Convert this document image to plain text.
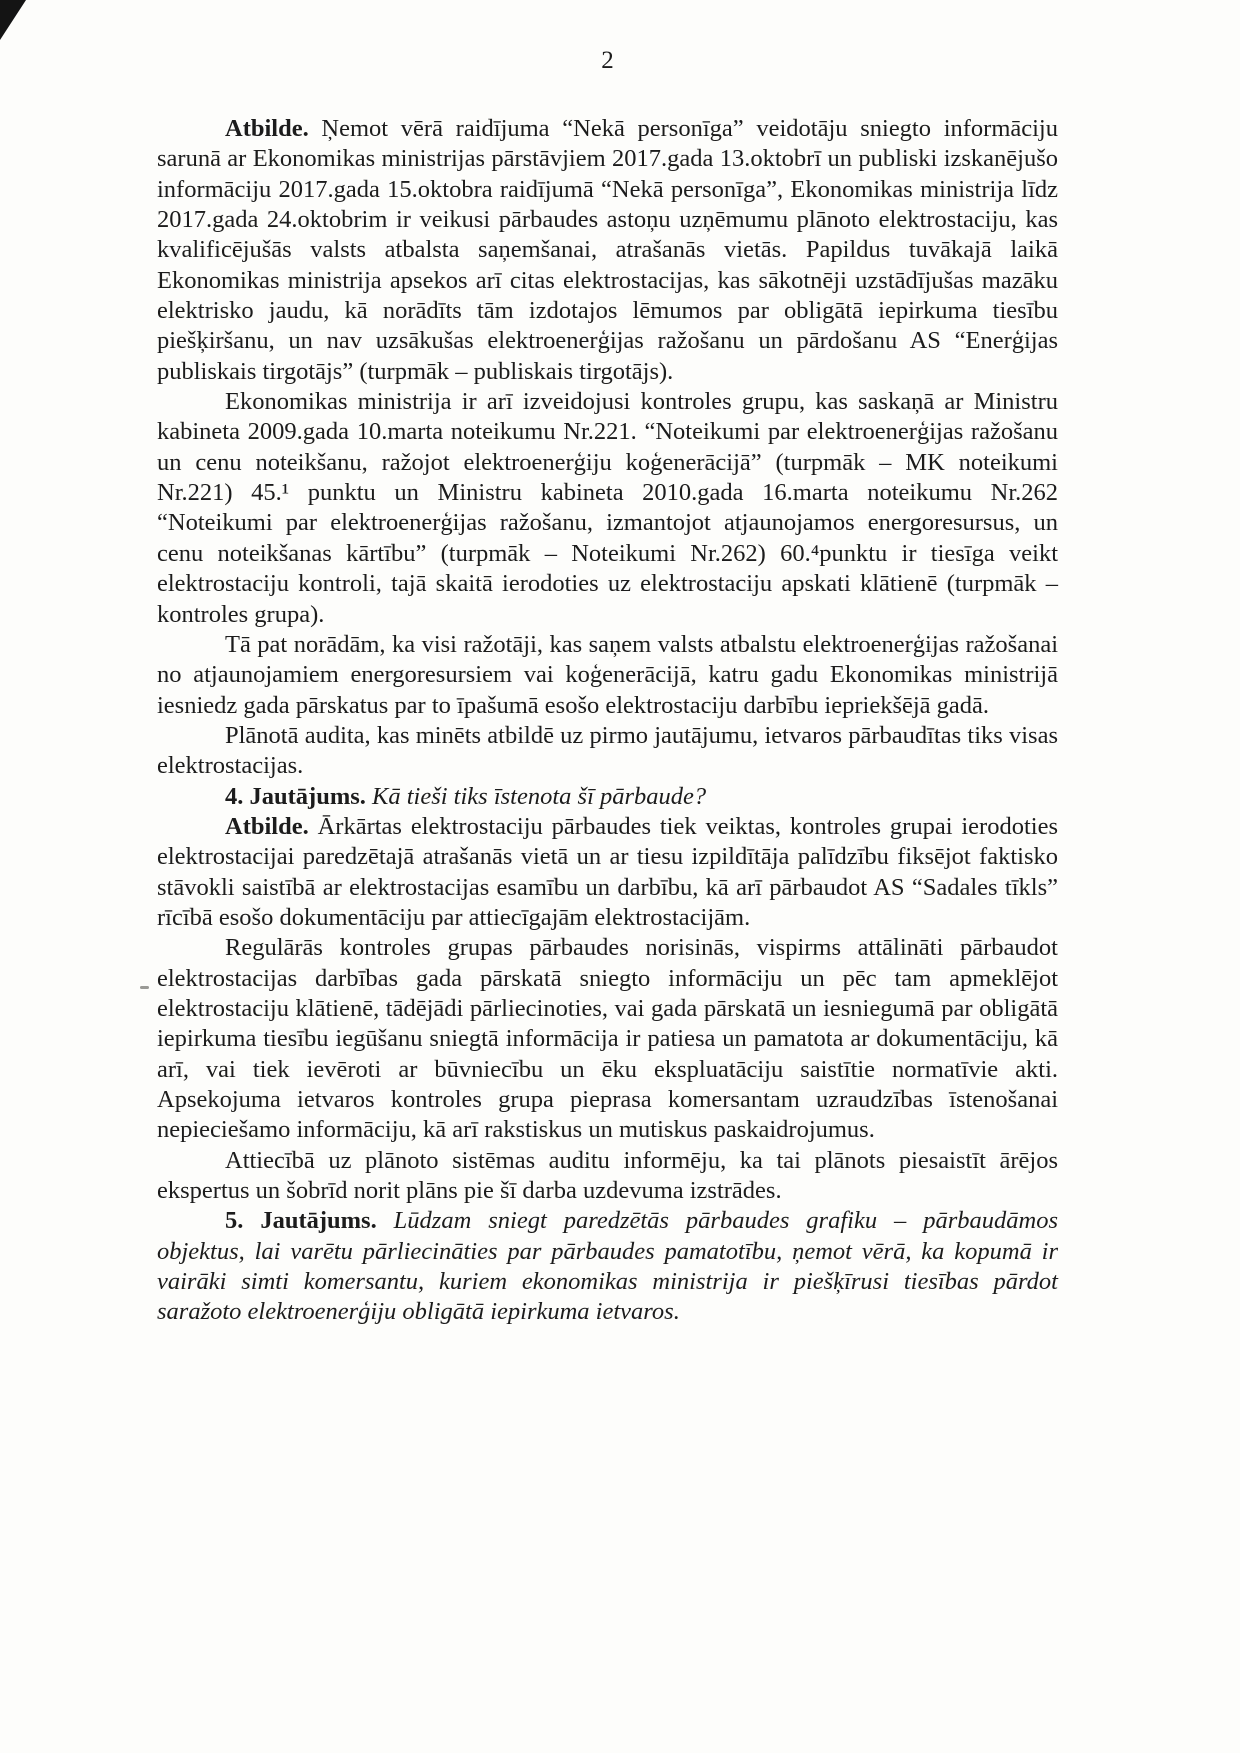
2

Atbilde. Ņemot vērā raidījuma “Nekā personīga” veidotāju sniegto informāciju sarunā ar Ekonomikas ministrijas pārstāvjiem 2017.gada 13.oktobrī un publiski izskanējušo informāciju 2017.gada 15.oktobra raidījumā “Nekā personīga”, Ekonomikas ministrija līdz 2017.gada 24.oktobrim ir veikusi pārbaudes astoņu uzņēmumu plānoto elektrostaciju, kas kvalificējušās valsts atbalsta saņemšanai, atrašanās vietās. Papildus tuvākajā laikā Ekonomikas ministrija apsekos arī citas elektrostacijas, kas sākotnēji uzstādījušas mazāku elektrisko jaudu, kā norādīts tām izdotajos lēmumos par obligātā iepirkuma tiesību piešķiršanu, un nav uzsākušas elektroenerģijas ražošanu un pārdošanu AS “Enerģijas publiskais tirgotājs” (turpmāk – publiskais tirgotājs).

Ekonomikas ministrija ir arī izveidojusi kontroles grupu, kas saskaņā ar Ministru kabineta 2009.gada 10.marta noteikumu Nr.221. “Noteikumi par elektroenerģijas ražošanu un cenu noteikšanu, ražojot elektroenerģiju koģenerācijā” (turpmāk – MK noteikumi Nr.221) 45.¹ punktu un Ministru kabineta 2010.gada 16.marta noteikumu Nr.262 “Noteikumi par elektroenerģijas ražošanu, izmantojot atjaunojamos energoresursus, un cenu noteikšanas kārtību” (turpmāk – Noteikumi Nr.262) 60.⁴punktu ir tiesīga veikt elektrostaciju kontroli, tajā skaitā ierodoties uz elektrostaciju apskati klātienē (turpmāk – kontroles grupa).

Tā pat norādām, ka visi ražotāji, kas saņem valsts atbalstu elektroenerģijas ražošanai no atjaunojamiem energoresursiem vai koģenerācijā, katru gadu Ekonomikas ministrijā iesniedz gada pārskatus par to īpašumā esošo elektrostaciju darbību iepriekšējā gadā.

Plānotā audita, kas minēts atbildē uz pirmo jautājumu, ietvaros pārbaudītas tiks visas elektrostacijas.

4. Jautājums. Kā tieši tiks īstenota šī pārbaude?

Atbilde. Ārkārtas elektrostaciju pārbaudes tiek veiktas, kontroles grupai ierodoties elektrostacijai paredzētajā atrašanās vietā un ar tiesu izpildītāja palīdzību fiksējot faktisko stāvokli saistībā ar elektrostacijas esamību un darbību, kā arī pārbaudot AS “Sadales tīkls” rīcībā esošo dokumentāciju par attiecīgajām elektrostacijām.

Regulārās kontroles grupas pārbaudes norisinās, vispirms attālināti pārbaudot elektrostacijas darbības gada pārskatā sniegto informāciju un pēc tam apmeklējot elektrostaciju klātienē, tādējādi pārliecinoties, vai gada pārskatā un iesniegumā par obligātā iepirkuma tiesību iegūšanu sniegtā informācija ir patiesa un pamatota ar dokumentāciju, kā arī, vai tiek ievēroti ar būvniecību un ēku ekspluatāciju saistītie normatīvie akti. Apsekojuma ietvaros kontroles grupa pieprasa komersantam uzraudzības īstenošanai nepieciešamo informāciju, kā arī rakstiskus un mutiskus paskaidrojumus.

Attiecībā uz plānoto sistēmas auditu informēju, ka tai plānots piesaistīt ārējos ekspertus un šobrīd norit plāns pie šī darba uzdevuma izstrādes.

5. Jautājums. Lūdzam sniegt paredzētās pārbaudes grafiku – pārbaudāmos objektus, lai varētu pārliecināties par pārbaudes pamatotību, ņemot vērā, ka kopumā ir vairāki simti komersantu, kuriem ekonomikas ministrija ir piešķīrusi tiesības pārdot saražoto elektroenerģiju obligātā iepirkuma ietvaros.
